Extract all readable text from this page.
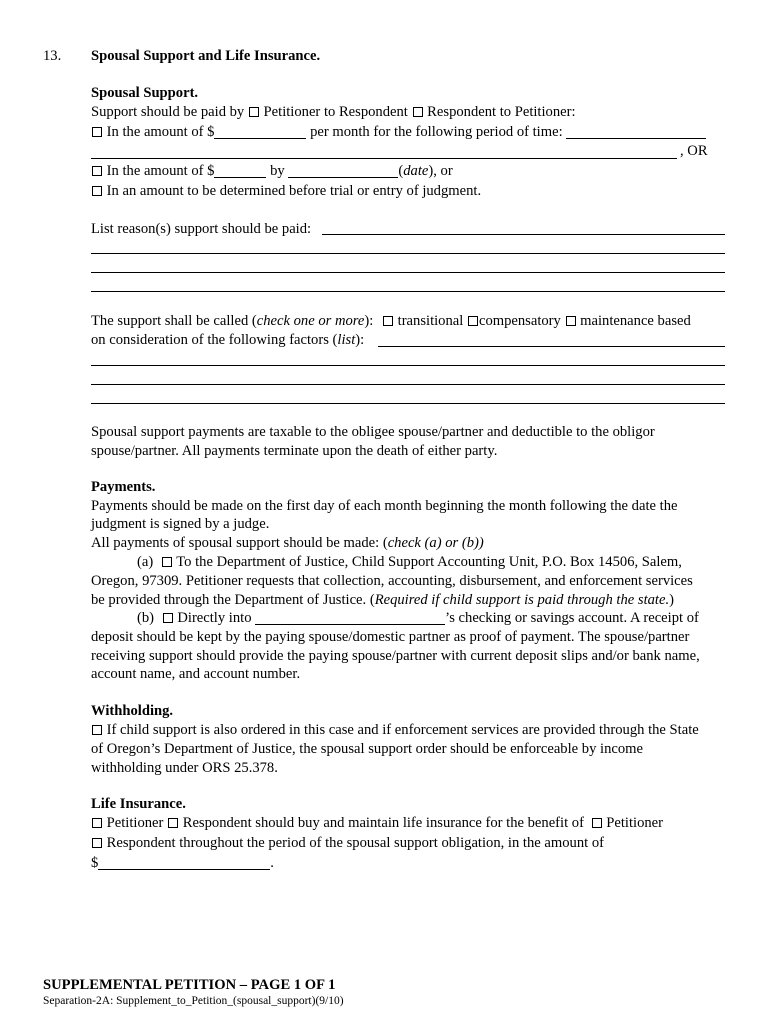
13. Spousal Support and Life Insurance.
Spousal Support.
Support should be paid by Petitioner to Respondent Respondent to Petitioner:
In the amount of $	per month for the following period of time:
, OR
In the amount of $	by	(date), or
In an amount to be determined before trial or entry of judgment.
List reason(s) support should be paid:
The support shall be called (check one or more): transitional compensatory maintenance based
on consideration of the following factors (list):
Spousal support payments are taxable to the obligee spouse/partner and deductible to the obligor
spouse/partner. All payments terminate upon the death of either party.
Payments.
Payments should be made on the first day of each month beginning the month following the date the
judgment is signed by a judge.
All payments of spousal support should be made: (check (a) or (b))
(a) To the Department of Justice, Child Support Accounting Unit, P.O. Box 14506, Salem,
Oregon, 97309. Petitioner requests that collection, accounting, disbursement, and enforcement services
be provided through the Department of Justice. (Required if child support is paid through the state.)
(b) Directly into	’s checking or savings account. A receipt of
deposit should be kept by the paying spouse/domestic partner as proof of payment. The spouse/partner
receiving support should provide the paying spouse/partner with current deposit slips and/or bank name,
account name, and account number.
Withholding.
If child support is also ordered in this case and if enforcement services are provided through the State
of Oregon’s Department of Justice, the spousal support order should be enforceable by income
withholding under ORS 25.378.
Life Insurance.
Petitioner Respondent should buy and maintain life insurance for the benefit of Petitioner
Respondent throughout the period of the spousal support obligation, in the amount of
$	.
SUPPLEMENTAL PETITION – PAGE 1 OF 1
Separation-2A: Supplement_to_Petition_(spousal_support)(9/10)
